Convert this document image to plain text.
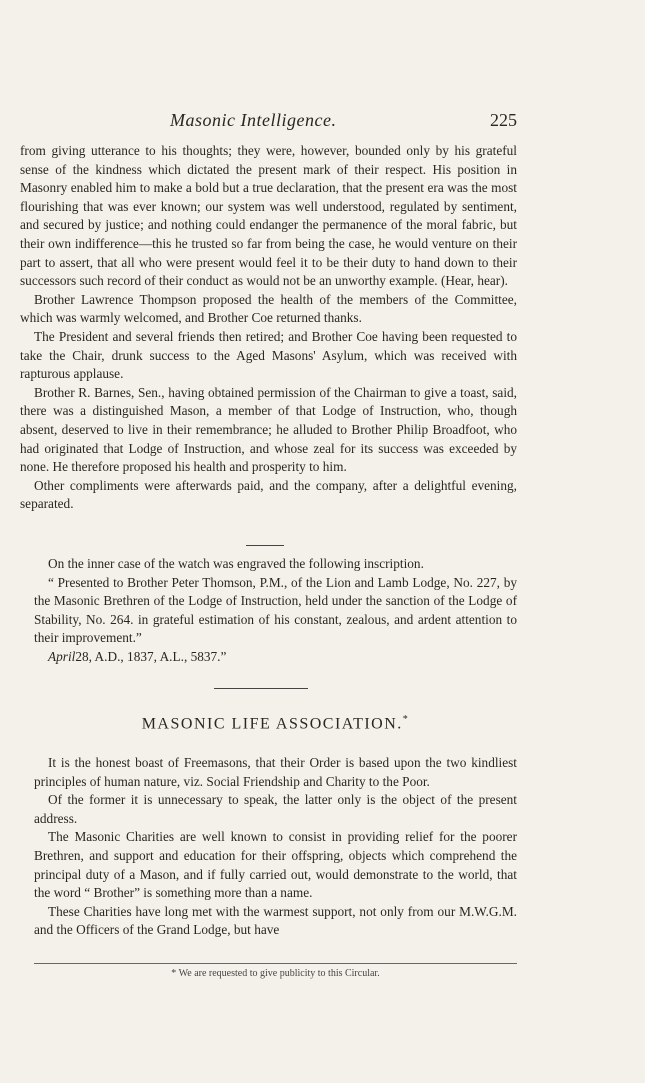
Masonic Intelligence.	225

from giving utterance to his thoughts; they were, however, bounded only by his grateful sense of the kindness which dictated the present mark of their respect. His position in Masonry enabled him to make a bold but a true declaration, that the present era was the most flourishing that was ever known; our system was well understood, regulated by sentiment, and secured by justice; and nothing could endanger the permanence of the moral fabric, but their own indifference—this he trusted so far from being the case, he would venture on their part to assert, that all who were present would feel it to be their duty to hand down to their successors such record of their conduct as would not be an unworthy example. (Hear, hear).

Brother Lawrence Thompson proposed the health of the members of the Committee, which was warmly welcomed, and Brother Coe returned thanks.

The President and several friends then retired; and Brother Coe having been requested to take the Chair, drunk success to the Aged Masons' Asylum, which was received with rapturous applause.

Brother R. Barnes, Sen., having obtained permission of the Chairman to give a toast, said, there was a distinguished Mason, a member of that Lodge of Instruction, who, though absent, deserved to live in their remembrance; he alluded to Brother Philip Broadfoot, who had originated that Lodge of Instruction, and whose zeal for its success was exceeded by none. He therefore proposed his health and prosperity to him.

Other compliments were afterwards paid, and the company, after a delightful evening, separated.

On the inner case of the watch was engraved the following inscription.

“ Presented to Brother Peter Thomson, P.M., of the Lion and Lamb Lodge, No. 227, by the Masonic Brethren of the Lodge of Instruction, held under the sanction of the Lodge of Stability, No. 264. in grateful estimation of his constant, zealous, and ardent attention to their improvement.”

April28, A.D., 1837, A.L., 5837.”

MASONIC LIFE ASSOCIATION.*

It is the honest boast of Freemasons, that their Order is based upon the two kindliest principles of human nature, viz. Social Friendship and Charity to the Poor.

Of the former it is unnecessary to speak, the latter only is the object of the present address.

The Masonic Charities are well known to consist in providing relief for the poorer Brethren, and support and education for their offspring, objects which comprehend the principal duty of a Mason, and if fully carried out, would demonstrate to the world, that the word “ Brother” is something more than a name.

These Charities have long met with the warmest support, not only from our M.W.G.M. and the Officers of the Grand Lodge, but have

* We are requested to give publicity to this Circular.
